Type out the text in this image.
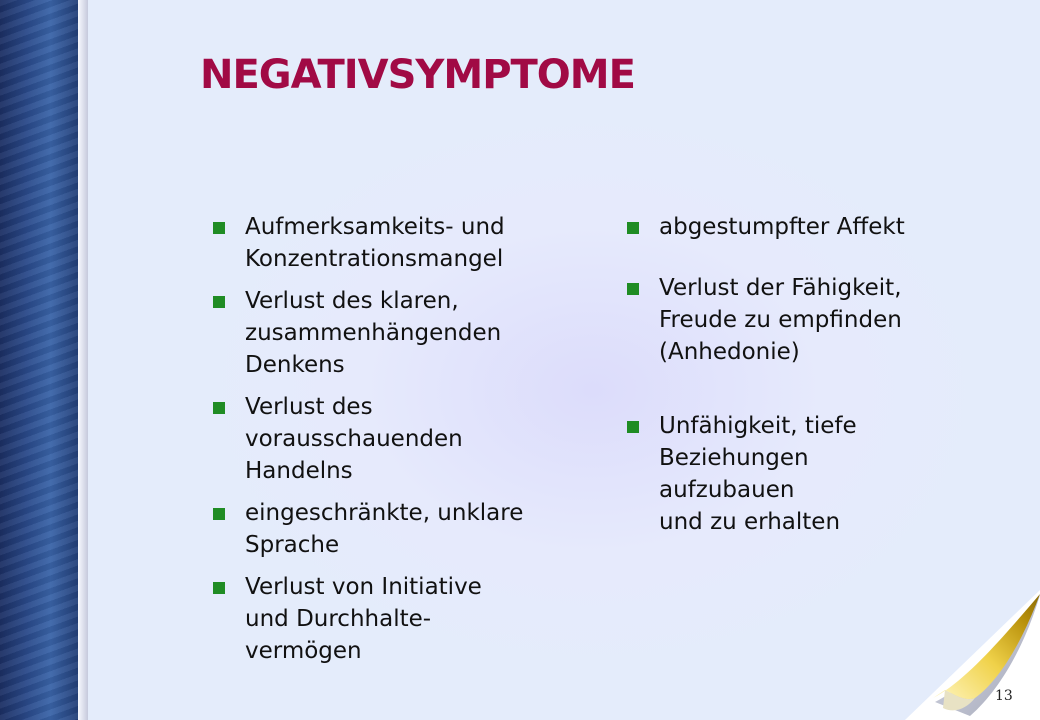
NEGATIVSYMPTOME
Aufmerksamkeits- und
Konzentrationsmangel
Verlust des klaren,
zusammenhängenden
Denkens
Verlust des
vorausschauenden
Handelns
eingeschränkte, unklare
Sprache
Verlust von Initiative
und Durchhalte-
vermögen
abgestumpfter Affekt
Verlust der Fähigkeit,
Freude zu empfinden
(Anhedonie)
Unfähigkeit, tiefe
Beziehungen
aufzubauen
und zu erhalten
13
